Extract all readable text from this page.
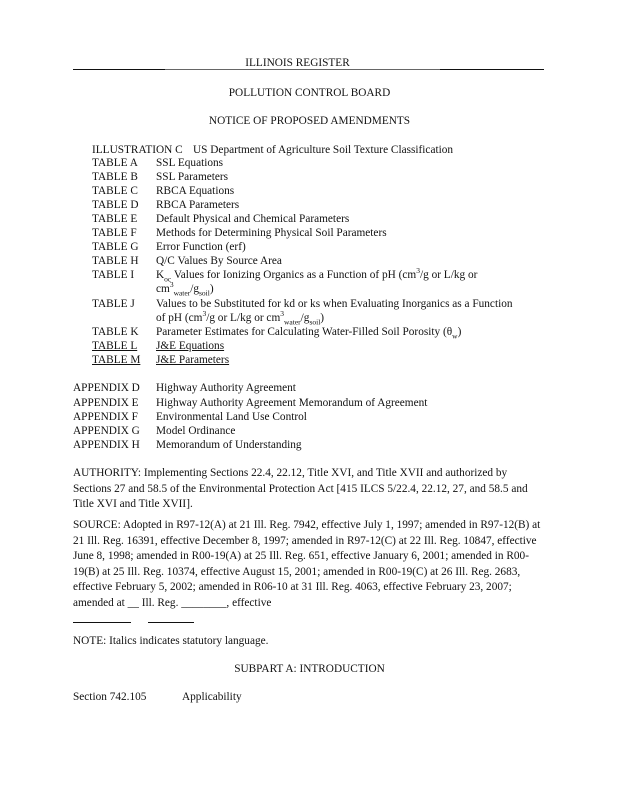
ILLINOIS REGISTER
POLLUTION CONTROL BOARD
NOTICE OF PROPOSED AMENDMENTS
ILLUSTRATION C US Department of Agriculture Soil Texture Classification
TABLE A SSL Equations
TABLE B SSL Parameters
TABLE C RBCA Equations
TABLE D RBCA Parameters
TABLE E Default Physical and Chemical Parameters
TABLE F Methods for Determining Physical Soil Parameters
TABLE G Error Function (erf)
TABLE H Q/C Values By Source Area
TABLE I $K_{oc}$ Values for Ionizing Organics as a Function of pH ($cm^3/g$ or L/kg or
$cm^3_{water}/g_{soil}$)
TABLE J Values to be Substituted for kd or ks when Evaluating Inorganics as a Function
of pH ($cm^3/g$ or L/kg or $cm^3_{water}/g_{soil}$)
TABLE K Parameter Estimates for Calculating Water-Filled Soil Porosity $(\theta_w)$
TABLE L J&E Equations
TABLE M J&E Parameters
APPENDIX D Highway Authority Agreement
APPENDIX E Highway Authority Agreement Memorandum of Agreement
APPENDIX F Environmental Land Use Control
APPENDIX G Model Ordinance
APPENDIX H Memorandum of Understanding
AUTHORITY: Implementing Sections 22.4, 22.12, Title XVI, and Title XVII and authorized by Sections 27 and 58.5 of the Environmental Protection Act [415 ILCS 5/22.4, 22.12, 27, and 58.5 and Title XVI and Title XVII].
SOURCE: Adopted in R97-12(A) at 21 Ill. Reg. 7942, effective July 1, 1997; amended in R97-12(B) at 21 Ill. Reg. 16391, effective December 8, 1997; amended in R97-12(C) at 22 Ill. Reg. 10847, effective June 8, 1998; amended in R00-19(A) at 25 Ill. Reg. 651, effective January 6, 2001; amended in R00-19(B) at 25 Ill. Reg. 10374, effective August 15, 2001; amended in R00-19(C) at 26 Ill. Reg. 2683, effective February 5, 2002; amended in R06-10 at 31 Ill. Reg. 4063, effective February 23, 2007; amended at __ Ill. Reg. ________, effective
NOTE: Italics indicates statutory language.
SUBPART A: INTRODUCTION
Section 742.105	Applicability
